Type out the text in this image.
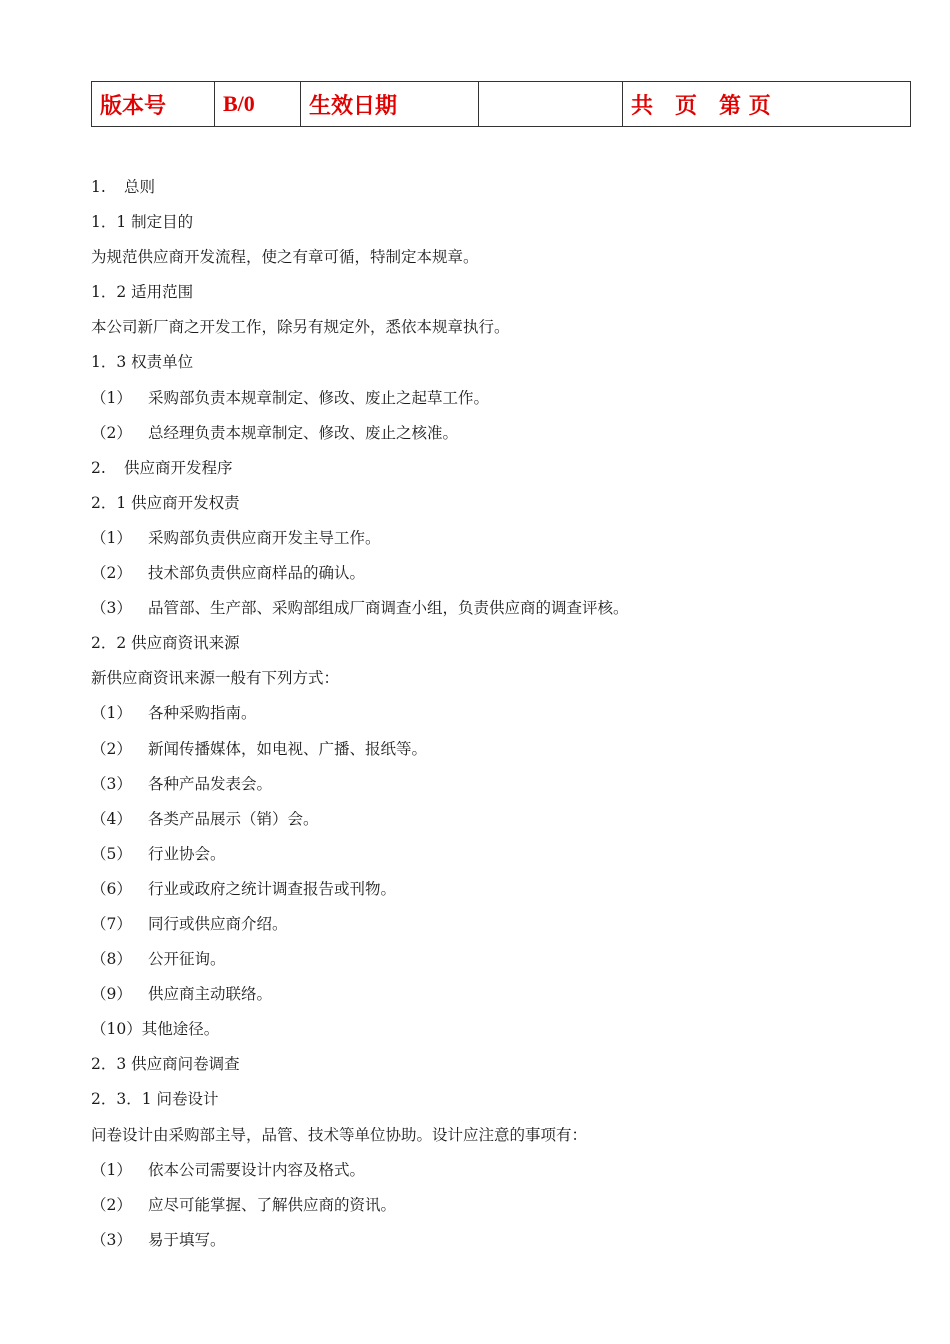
版本号	B/0	生效日期		共　页　第 页
1. 总则
1．1 制定目的
为规范供应商开发流程，使之有章可循，特制定本规章。
1．2 适用范围
本公司新厂商之开发工作，除另有规定外，悉依本规章执行。
1．3 权责单位
（1） 采购部负责本规章制定、修改、废止之起草工作。
（2） 总经理负责本规章制定、修改、废止之核准。
2. 供应商开发程序
2．1 供应商开发权责
（1） 采购部负责供应商开发主导工作。
（2） 技术部负责供应商样品的确认。
（3） 品管部、生产部、采购部组成厂商调查小组，负责供应商的调查评核。
2．2 供应商资讯来源
新供应商资讯来源一般有下列方式：
（1） 各种采购指南。
（2） 新闻传播媒体，如电视、广播、报纸等。
（3） 各种产品发表会。
（4） 各类产品展示（销）会。
（5） 行业协会。
（6） 行业或政府之统计调查报告或刊物。
（7） 同行或供应商介绍。
（8） 公开征询。
（9） 供应商主动联络。
（10）其他途径。
2．3 供应商问卷调查
2．3．1 问卷设计
问卷设计由采购部主导，品管、技术等单位协助。设计应注意的事项有：
（1） 依本公司需要设计内容及格式。
（2） 应尽可能掌握、了解供应商的资讯。
（3） 易于填写。
